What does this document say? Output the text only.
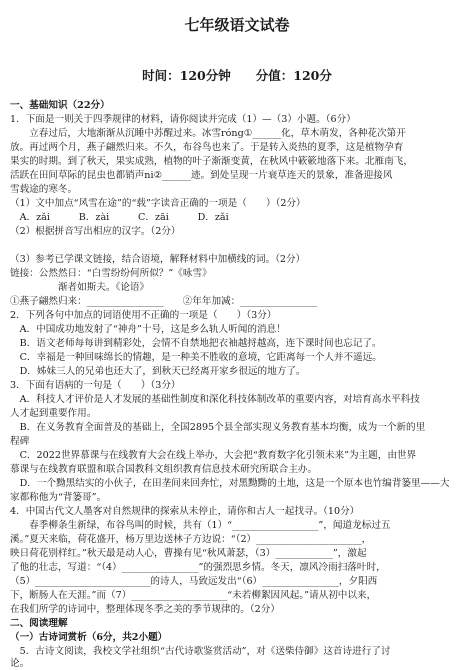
七年级语文试卷
时间：120分钟　　分值：120分
一、基础知识（22分）
1．下面是一则关于四季规律的材料，请你阅读并完成（1）—（3）小题。（6分）
　　立春过后，大地渐渐从沉睡中苏醒过来。冰雪róng①______化，草木萌发，各种花次第开
放。再过两个月，燕子翩然归来。不久，布谷鸟也来了。于是转入炎热的夏季，这是植物孕育
果实的时期。到了秋天，果实成熟，植物的叶子渐渐变黄，在秋风中簌簌地落下来。北雁南飞，
活跃在田间草际的昆虫也都销声ni②______迹。到处呈现一片衰草连天的景象，准备迎接风
雪载途的寒冬。
（1）文中加点“风雪在途”的“载”字读音正确的一项是（　　）（2分）
　A．zǎi　　　B．zài　　　C．zāi　　　D．zǎi
（2）根据拼音写出相应的汉字。（2分）
（3）参考已学课文链接，结合语境，解释材料中加横线的词。（2分）
链接：公然然日：“白雪纷纷何所似？”《咏雪》
　　　　　渐者如斯夫。《论语》
①燕子翩然归来：________________　　②年年加减：________________
2．下列各句中加点的词语使用不正确的一项是（　　）（3分）
　A．中国成功地发射了“神舟”十号，这是乡么轨人听闻的消息！
　B．语文老师每每讲到精彩处，会情不自禁地把衣袖越捋越高，连下课时间也忘记了。
　C．幸福是一种回味绵长的情趣，是一种美不胜收的意境，它距离每一个人并不遥远。
　D．姊妹三人的兄弟也还大了，到秋天已经离开家乡很远的地方了。
3．下面有语病的一句是（　　）（3分）
　A．科技人才评价是人才发展的基础性制度和深化科技体制改革的重要内容，对培育高水平科技
人才起到重要作用。
　B．在义务教育全面普及的基础上，全国2895个县全部实现义务教育基本均衡，成为一个新的里
程碑
　C．2022世界慕课与在线教育大会在线上举办，大会把“教育数字化引领未来”为主题，由世界
慕课与在线教育联盟和联合国教科文组织教育信息技术研究所联合主办。
　D．一个黝黑结实的小伙子，在田垄间来回奔忙，对黑黝黝的土地，这是一个原本也竹编背篓里——大
家都称他为“背篓哥”。
4．中国古代文人墨客对自然规律的探索从未停止，请你和古人一起找寻。（10分）
　　春季柳条生新绿，布谷鸟叫的时候，共有（1）“__________________”，闻道龙标过五
溪。”夏天来临，荷花盛开，杨万里边送林子方边说：“（2）______________________，
映日荷花别样红。”秋天最是动人心，曹操有见“秋风萧瑟，（3）____________”，激起
了他的壮志，写道：“（4）________________”的强烈思乡情。冬天，凛风冷雨扫落叶时，
（5）________________________的诗人，马致远发出“（6）________________，夕阳西
下，断肠人在天涯。”而（7）____________________“未若柳絮因风起。”请从初中以来，
在我们所学的诗词中，整理体现冬季之美的季节规律的。（2分）
二、阅读理解
（一）古诗词赏析（6分，共2小题）
　5．古诗文阅读，我校文学社组织“古代诗歌鉴赏活动”，对《送柴侍御》这首诗进行了讨
论。
